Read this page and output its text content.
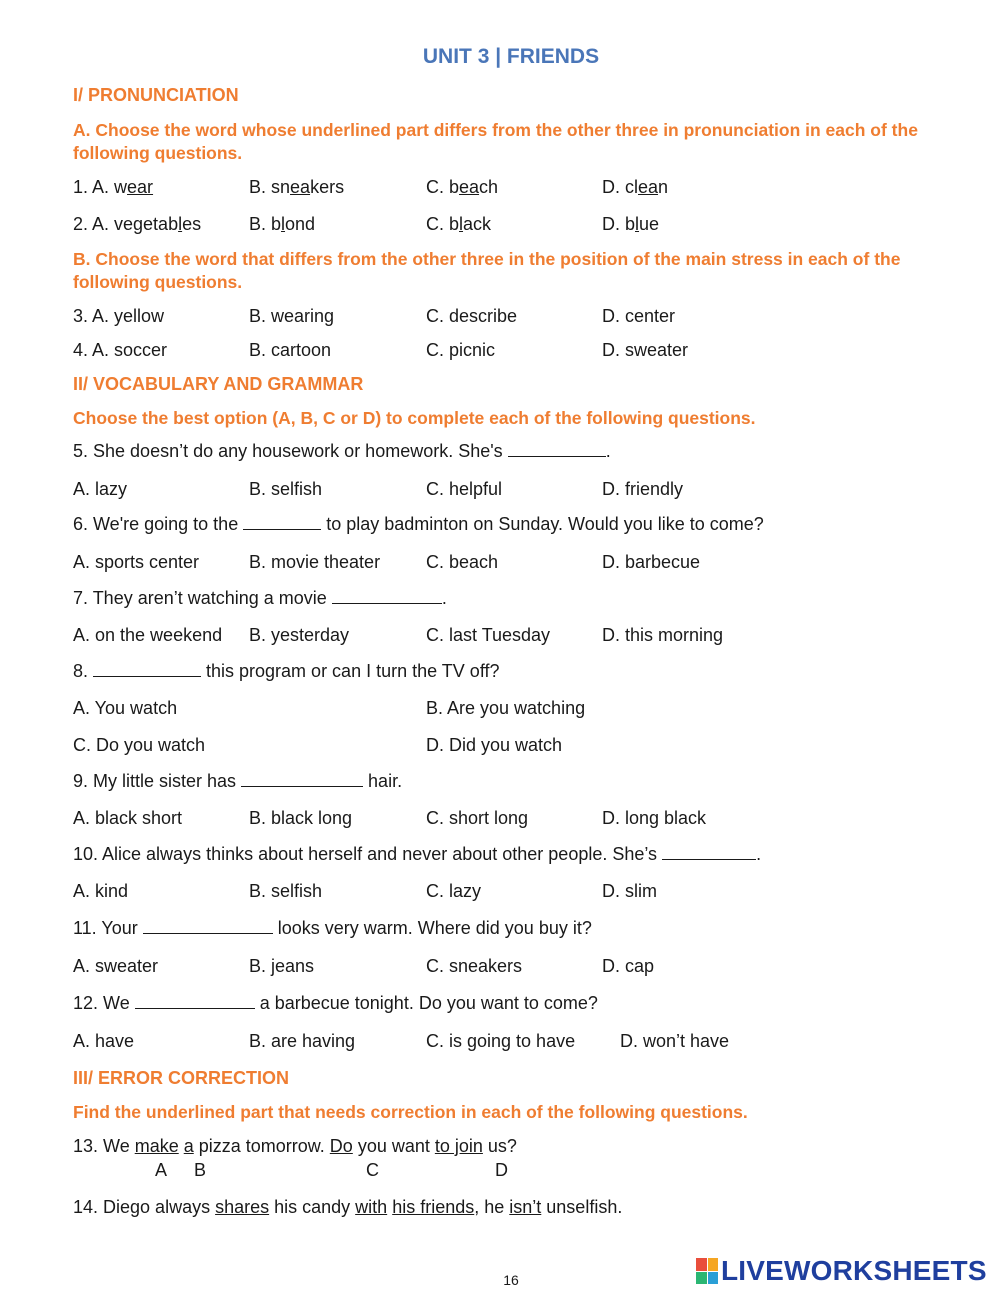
UNIT 3 | FRIENDS
I/ PRONUNCIATION
A. Choose the word whose underlined part differs from the other three in pronunciation in each of the following questions.
1. A. wear	B. sneakers	C. beach	D. clean
2. A. vegetables	B. blond	C. black	D. blue
B. Choose the word that differs from the other three in the position of the main stress in each of the following questions.
3. A. yellow	B. wearing	C. describe	D. center
4. A. soccer	B. cartoon	C. picnic	D. sweater
II/ VOCABULARY AND GRAMMAR
Choose the best option (A, B, C or D) to complete each of the following questions.
5. She doesn’t do any housework or homework. She's	.
A. lazy	B. selfish	C. helpful	D. friendly
6. We're going to the	to play badminton on Sunday. Would you like to come?
A. sports center	B. movie theater	C. beach	D. barbecue
7. They aren’t watching a movie	.
A. on the weekend B. yesterday	C. last Tuesday	D. this morning
8.	this program or can I turn the TV off?
A. You watch	B. Are you watching
C. Do you watch	D. Did you watch
9. My little sister has	hair.
A. black short	B. black long	C. short long	D. long black
10. Alice always thinks about herself and never about other people. She’s	.
A. kind	B. selfish	C. lazy	D. slim
11. Your	looks very warm. Where did you buy it?
A. sweater	B. jeans	C. sneakers	D. cap
12. We	a barbecue tonight. Do you want to come?
A. have	B. are having	C. is going to have D. won’t have
III/ ERROR CORRECTION
Find the underlined part that needs correction in each of the following questions.
13. We make a pizza tomorrow. Do you want to join us?
A B	C	D
14. Diego always shares his candy with his friends, he isn’t unselfish.
16	LIVEWORKSHEETS
